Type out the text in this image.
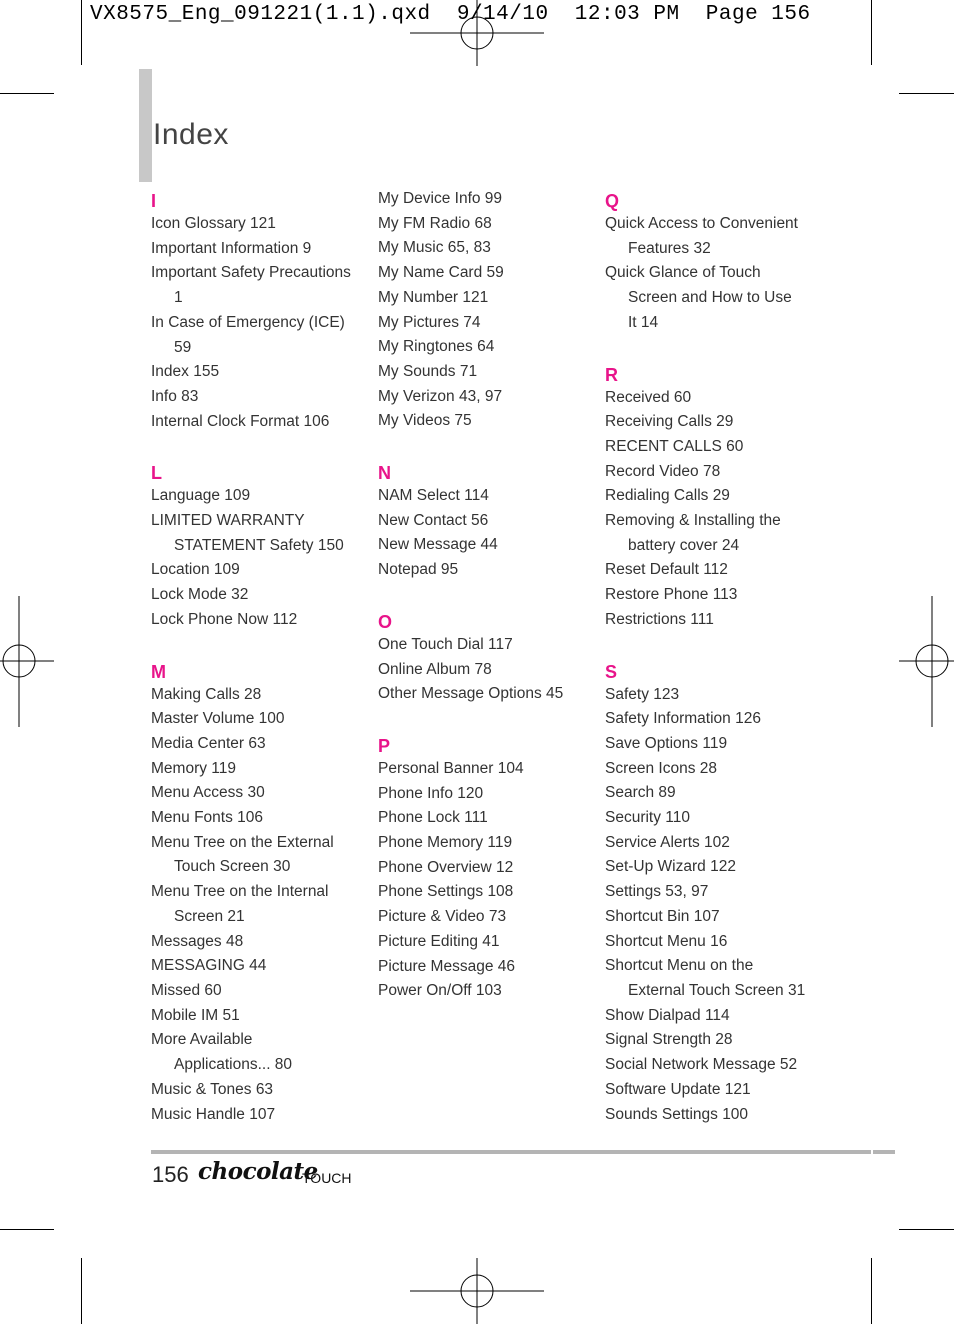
VX8575_Eng_091221(1.1).qxd  9/14/10  12:03 PM  Page 156
Index
I
Icon Glossary 121
Important Information 9
Important Safety Precautions
1
In Case of Emergency (ICE)
59
Index 155
Info 83
Internal Clock Format 106
L
Language 109
LIMITED WARRANTY
STATEMENT Safety 150
Location 109
Lock Mode 32
Lock Phone Now 112
M
Making Calls 28
Master Volume 100
Media Center 63
Memory 119
Menu Access 30
Menu Fonts 106
Menu Tree on the External
Touch Screen 30
Menu Tree on the Internal
Screen 21
Messages 48
MESSAGING 44
Missed 60
Mobile IM 51
More Available
Applications... 80
Music & Tones 63
Music Handle 107
My Device Info 99
My FM Radio 68
My Music 65, 83
My Name Card 59
My Number 121
My Pictures 74
My Ringtones 64
My Sounds 71
My Verizon 43, 97
My Videos 75
N
NAM Select 114
New Contact 56
New Message 44
Notepad 95
O
One Touch Dial 117
Online Album 78
Other Message Options 45
P
Personal Banner 104
Phone Info 120
Phone Lock 111
Phone Memory 119
Phone Overview 12
Phone Settings 108
Picture & Video 73
Picture Editing 41
Picture Message 46
Power On/Off 103
Q
Quick Access to Convenient
Features 32
Quick Glance of Touch
Screen and How to Use
It 14
R
Received 60
Receiving Calls 29
RECENT CALLS 60
Record Video 78
Redialing Calls 29
Removing & Installing the
battery cover 24
Reset Default 112
Restore Phone 113
Restrictions 111
S
Safety 123
Safety Information 126
Save Options 119
Screen Icons 28
Search 89
Security 110
Service Alerts 102
Set-Up Wizard 122
Settings 53, 97
Shortcut Bin 107
Shortcut Menu 16
Shortcut Menu on the
External Touch Screen 31
Show Dialpad 114
Signal Strength 28
Social Network Message 52
Software Update 121
Sounds Settings 100
156 chocolate
TOUCH
